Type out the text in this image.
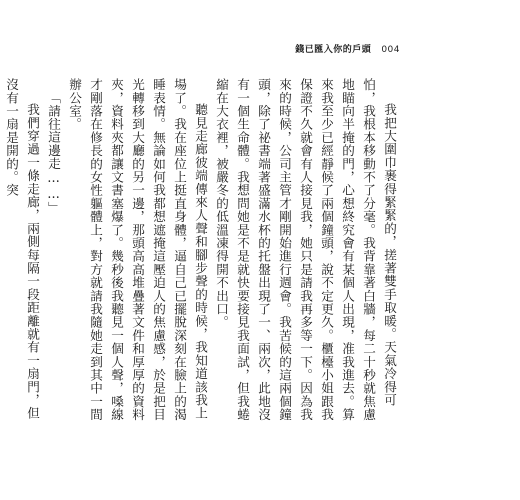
錢已匯入你的戶頭 004

我把大圍巾裹得緊緊的，搓著雙手取暖。天氣冷得可怕，我根本移動不了分毫。我背靠著白牆，每二十秒就焦慮地瞄向半掩的門，心想終究會有某個人出現，准我進去。算來我至少已經靜候了兩個鐘頭，說不定更久。櫃檯小姐跟我保證不久就會有人接見我，她只是請我再多等一下。因為我來的時候，公司主管才剛開始進行週會。我苦候的這兩個鐘頭，除了祕書端著盛滿水杯的托盤出現了一、兩次，此地沒有一個生命體。我想問她是不是就快要接見我面試，但我蜷縮在大衣裡，被嚴冬的低溫凍得開不出口。

聽見走廊彼端傳來人聲和腳步聲的時候，我知道該我上場了。我在座位上挺直身體，逼自己已擺脫深刻在臉上的渴睡表情。無論如何我都想遮掩這壓迫人的焦慮感，於是把目光轉移到大廳的另一邊，那頭高高堆疊著文件和厚厚的資料夾，資料夾都讓文書塞爆了。幾秒後我聽見一個人聲，嗓線才剛落在修長的女性軀體上，對方就請我隨她走到其中一間辦公室。

「請往這邊走……」

我們穿過一條走廊，兩側每隔一段距離就有一扇門，但沒有一扇是開的。突
